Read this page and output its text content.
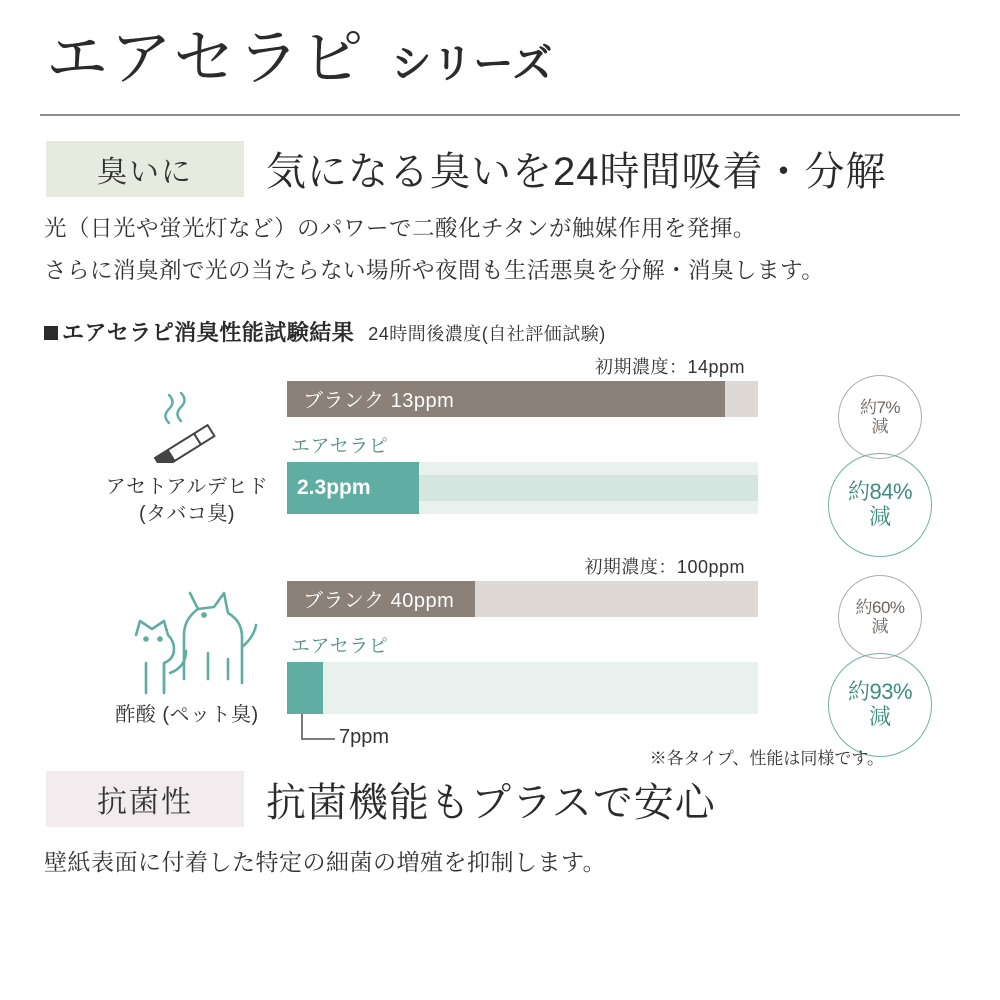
エアセラピ シリーズ
臭いに	気になる臭いを24時間吸着・分解
光（日光や蛍光灯など）のパワーで二酸化チタンが触媒作用を発揮。
さらに消臭剤で光の当たらない場所や夜間も生活悪臭を分解・消臭します。
エアセラピ消臭性能試験結果 24時間後濃度(自社評価試験)
初期濃度：14ppm
アセトアルデヒド
(タバコ臭)
ブランク 13ppm
エアセラピ
2.3ppm
約7%
減
約84%
減
初期濃度：100ppm
酢酸 (ペット臭)
ブランク 40ppm
エアセラピ
7ppm
約60%
減
約93%
減
※各タイプ、性能は同様です。
抗菌性	抗菌機能もプラスで安心
壁紙表面に付着した特定の細菌の増殖を抑制します。
